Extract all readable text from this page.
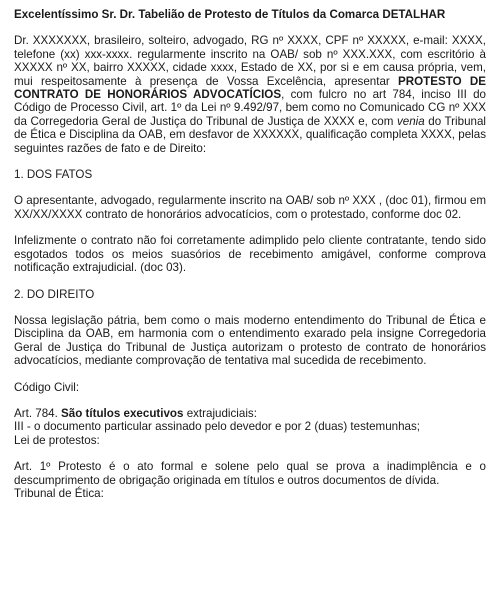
Excelentíssimo Sr. Dr. Tabelião de Protesto de Títulos da Comarca DETALHAR

Dr. XXXXXXX, brasileiro, solteiro, advogado, RG nº XXXX, CPF nº XXXXX, e-mail: XXXX, telefone (xx) xxx-xxxx. regularmente inscrito na OAB/ sob nº XXX.XXX, com escritório à XXXXX nº XX, bairro XXXXX, cidade xxxx, Estado de XX, por si e em causa própria, vem, mui respeitosamente à presença de Vossa Excelência, apresentar PROTESTO DE CONTRATO DE HONORÁRIOS ADVOCATÍCIOS, com fulcro no art 784, inciso III do Código de Processo Civil, art. 1º da Lei nº 9.492/97, bem como no Comunicado CG nº XXX da Corregedoria Geral de Justiça do Tribunal de Justiça de XXXX e, com venia do Tribunal de Ética e Disciplina da OAB, em desfavor de XXXXXX, qualificação completa XXXX, pelas seguintes razões de fato e de Direito:

1. DOS FATOS

O apresentante, advogado, regularmente inscrito na OAB/ sob nº XXX , (doc 01), firmou em XX/XX/XXXX contrato de honorários advocatícios, com o protestado, conforme doc 02.

Infelizmente o contrato não foi corretamente adimplido pelo cliente contratante, tendo sido esgotados todos os meios suasórios de recebimento amigável, conforme comprova notificação extrajudicial. (doc 03).

2. DO DIREITO

Nossa legislação pátria, bem como o mais moderno entendimento do Tribunal de Ética e Disciplina da OAB, em harmonia com o entendimento exarado pela insigne Corregedoria Geral de Justiça do Tribunal de Justiça autorizam o protesto de contrato de honorários advocatícios, mediante comprovação de tentativa mal sucedida de recebimento.

Código Civil:

Art. 784. São títulos executivos extrajudiciais:

III - o documento particular assinado pelo devedor e por 2 (duas) testemunhas;

Lei de protestos:

Art. 1º Protesto é o ato formal e solene pelo qual se prova a inadimplência e o descumprimento de obrigação originada em títulos e outros documentos de dívida.

Tribunal de Ética:
